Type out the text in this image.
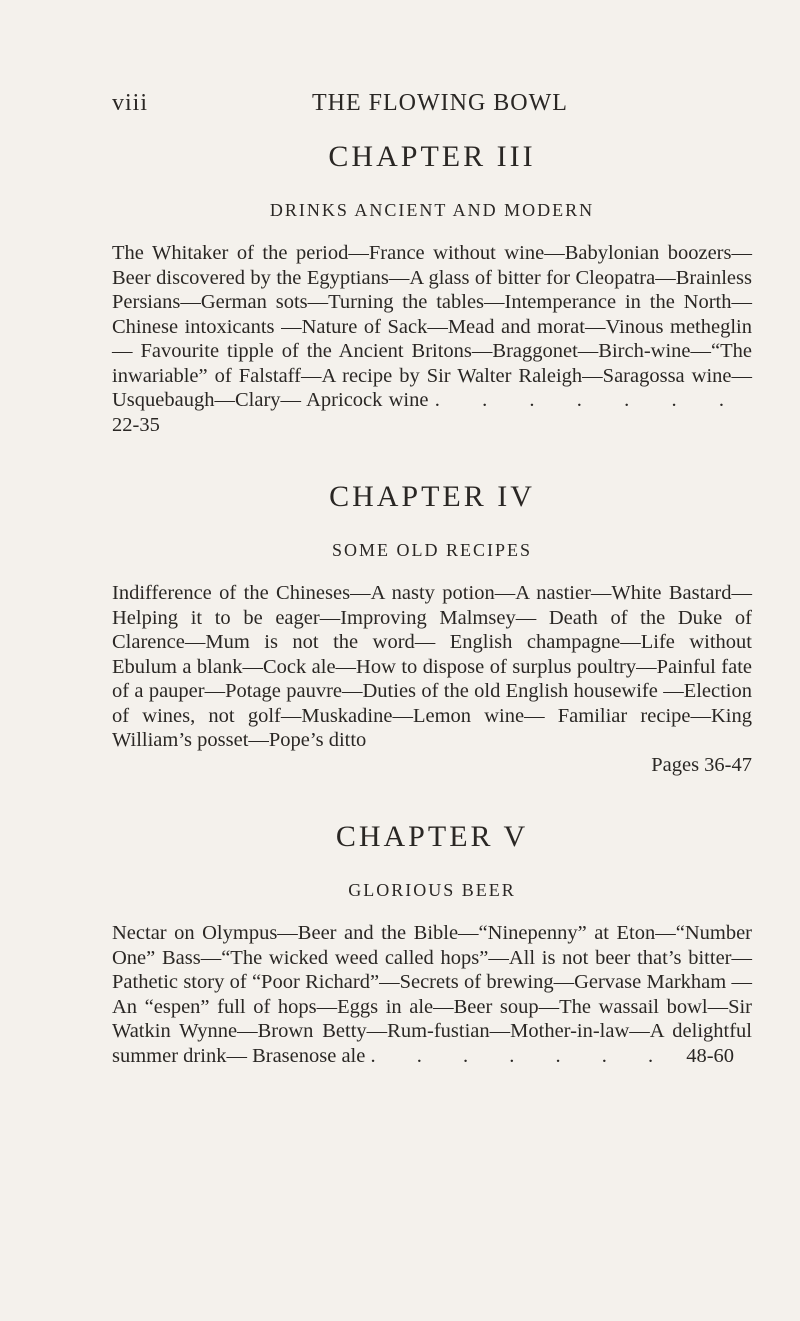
viii	THE FLOWING BOWL
CHAPTER III
DRINKS ANCIENT AND MODERN
The Whitaker of the period—France without wine—Babylonian boozers—Beer discovered by the Egyptians—A glass of bitter for Cleopatra—Brainless Persians—German sots—Turning the tables—Intemperance in the North—Chinese intoxicants —Nature of Sack—Mead and morat—Vinous metheglin— Favourite tipple of the Ancient Britons—Braggonet—Birch-wine—“The inwariable” of Falstaff—A recipe by Sir Walter Raleigh—Saragossa wine—Usquebaugh—Clary— Apricock wine . . . . . . . 22-35
CHAPTER IV
SOME OLD RECIPES
Indifference of the Chineses—A nasty potion—A nastier—White Bastard—Helping it to be eager—Improving Malmsey— Death of the Duke of Clarence—Mum is not the word— English champagne—Life without Ebulum a blank—Cock ale—How to dispose of surplus poultry—Painful fate of a pauper—Potage pauvre—Duties of the old English housewife —Election of wines, not golf—Muskadine—Lemon wine— Familiar recipe—King William’s posset—Pope’s ditto
Pages 36-47
CHAPTER V
GLORIOUS BEER
Nectar on Olympus—Beer and the Bible—“Ninepenny” at Eton—“Number One” Bass—“The wicked weed called hops”—All is not beer that’s bitter—Pathetic story of “Poor Richard”—Secrets of brewing—Gervase Markham —An “espen” full of hops—Eggs in ale—Beer soup—The wassail bowl—Sir Watkin Wynne—Brown Betty—Rum-fustian—Mother-in-law—A delightful summer drink— Brasenose ale . . . . . . . 48-60
